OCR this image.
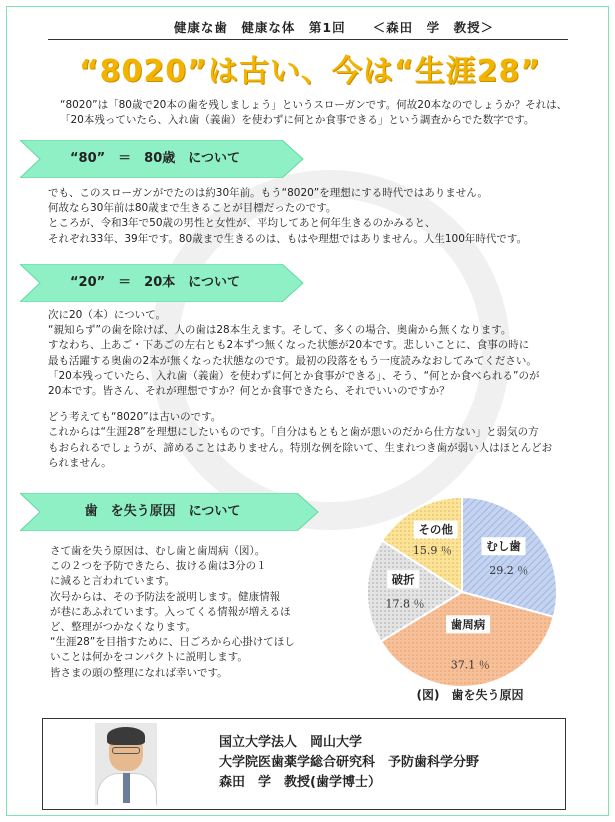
健康な歯　健康な体　第1回　　＜森田　学　教授＞
“8020”は古い、今は“生涯28”
“8020”は「80歳で20本の歯を残しましょう」というスローガンです。何故20本なのでしょうか？それは、
「20本残っていたら、入れ歯（義歯）を使わずに何とか食事できる」という調査からでた数字です。
“80”　＝　80歳　について

でも、このスローガンがでたのは約30年前。もう“8020”を理想にする時代ではありません。

何故なら30年前は80歳まで生きることが目標だったのです。

ところが、令和3年で50歳の男性と女性が、平均してあと何年生きるのかみると、

それぞれ33年、39年です。80歳まで生きるのは、もはや理想ではありません。人生100年時代です。

“20”　＝　20本　について

次に20（本）について。

“親知らず”の歯を除けば、人の歯は28本生えます。そして、多くの場合、奥歯から無くなります。

すなわち、上あご・下あごの左右とも2本ずつ無くなった状態が20本です。悲しいことに、食事の時に

最も活躍する奥歯の2本が無くなった状態なのです。最初の段落をもう一度読みなおしてみてください。

「20本残っていたら、入れ歯（義歯）を使わずに何とか食事ができる」、そう、“何とか食べられる”のが

20本です。皆さん、それが理想ですか？何とか食事できたら、それでいいのですか？

どう考えても“8020”は古いのです。

これからは“生涯28”を理想にしたいものです。「自分はもともと歯が悪いのだから仕方ない」と弱気の方

もおられるでしょうが、諦めることはありません。特別な例を除いて、生まれつき歯が弱い人はほとんどお

られません。

歯　を失う原因　について

さて歯を失う原因は、むし歯と歯周病（図）。

この２つを予防できたら、抜ける歯は3分の１

に減ると言われています。

次号からは、その予防法を説明します。健康情報

が巷にあふれています。入ってくる情報が増えるほ

ど、整理がつかなくなります。

“生涯28”を目指すために、日ごろから心掛けてほし

いことは何かをコンパクトに説明します。

皆さまの頭の整理になれば幸いです。

むし歯
29.2 ％
歯周病
37.1 ％
破折
17.8 ％
その他
15.9 ％
(図)　歯を失う原因
国立大学法人　岡山大学
大学院医歯薬学総合研究科　予防歯科学分野
森田　学　教授(歯学博士）
